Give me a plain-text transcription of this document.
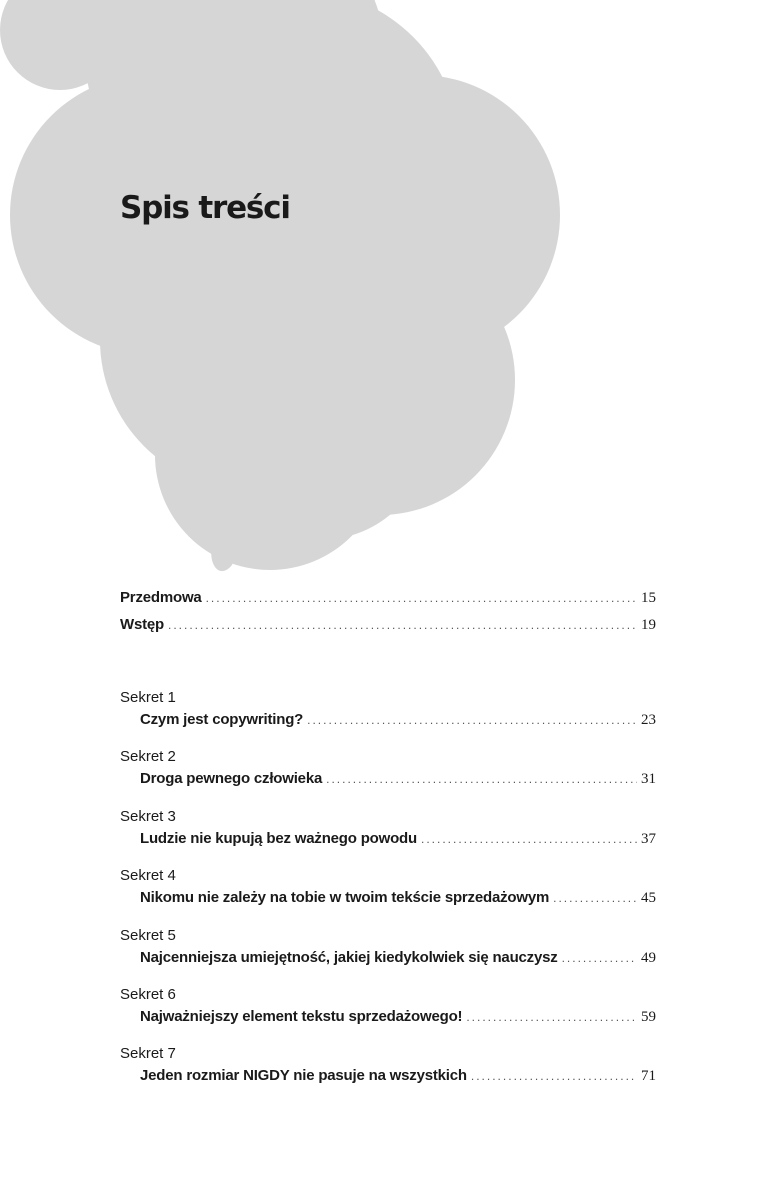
Spis treści
Przedmowa .....	15
Wstęp .....	19
Sekret 1
Czym jest copywriting? .....	23
Sekret 2
Droga pewnego człowieka .....	31
Sekret 3
Ludzie nie kupują bez ważnego powodu .....	37
Sekret 4
Nikomu nie zależy na tobie w twoim tekście sprzedażowym .....	45
Sekret 5
Najcenniejsza umiejętność, jakiej kiedykolwiek się nauczysz .....	49
Sekret 6
Najważniejszy element tekstu sprzedażowego! .....	59
Sekret 7
Jeden rozmiar NIGDY nie pasuje na wszystkich .....	71
